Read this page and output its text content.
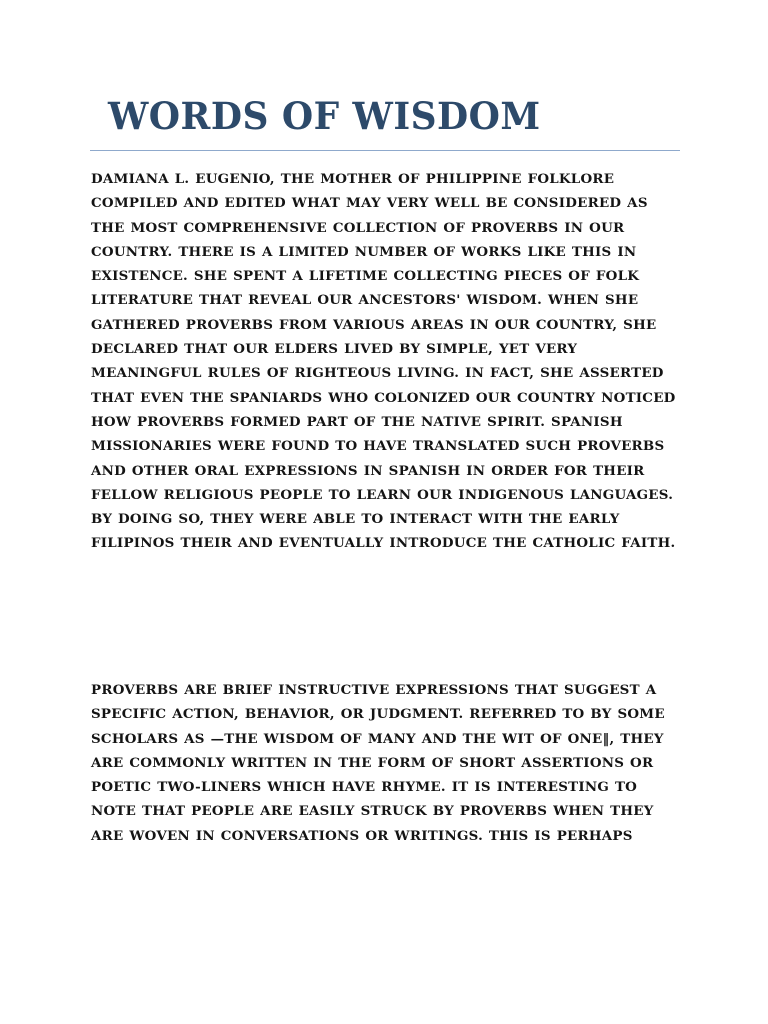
WORDS OF WISDOM

DAMIANA L. EUGENIO, THE MOTHER OF PHILIPPINE FOLKLORE COMPILED AND EDITED WHAT MAY VERY WELL BE CONSIDERED AS THE MOST COMPREHENSIVE COLLECTION OF PROVERBS IN OUR COUNTRY. THERE IS A LIMITED NUMBER OF WORKS LIKE THIS IN EXISTENCE. SHE SPENT A LIFETIME COLLECTING PIECES OF FOLK LITERATURE THAT REVEAL OUR ANCESTORS' WISDOM. WHEN SHE GATHERED PROVERBS FROM VARIOUS AREAS IN OUR COUNTRY, SHE DECLARED THAT OUR ELDERS LIVED BY SIMPLE, YET VERY MEANINGFUL RULES OF RIGHTEOUS LIVING. IN FACT, SHE ASSERTED THAT EVEN THE SPANIARDS WHO COLONIZED OUR COUNTRY NOTICED HOW PROVERBS FORMED PART OF THE NATIVE SPIRIT. SPANISH MISSIONARIES WERE FOUND TO HAVE TRANSLATED SUCH PROVERBS AND OTHER ORAL EXPRESSIONS IN SPANISH IN ORDER FOR THEIR FELLOW RELIGIOUS PEOPLE TO LEARN OUR INDIGENOUS LANGUAGES. BY DOING SO, THEY WERE ABLE TO INTERACT WITH THE EARLY FILIPINOS THEIR AND EVENTUALLY INTRODUCE THE CATHOLIC FAITH.

PROVERBS ARE BRIEF INSTRUCTIVE EXPRESSIONS THAT SUGGEST A SPECIFIC ACTION, BEHAVIOR, OR JUDGMENT. REFERRED TO BY SOME SCHOLARS AS —THE WISDOM OF MANY AND THE WIT OF ONE‖, THEY ARE COMMONLY WRITTEN IN THE FORM OF SHORT ASSERTIONS OR POETIC TWO-LINERS WHICH HAVE RHYME. IT IS INTERESTING TO NOTE THAT PEOPLE ARE EASILY STRUCK BY PROVERBS WHEN THEY ARE WOVEN IN CONVERSATIONS OR WRITINGS. THIS IS PERHAPS
